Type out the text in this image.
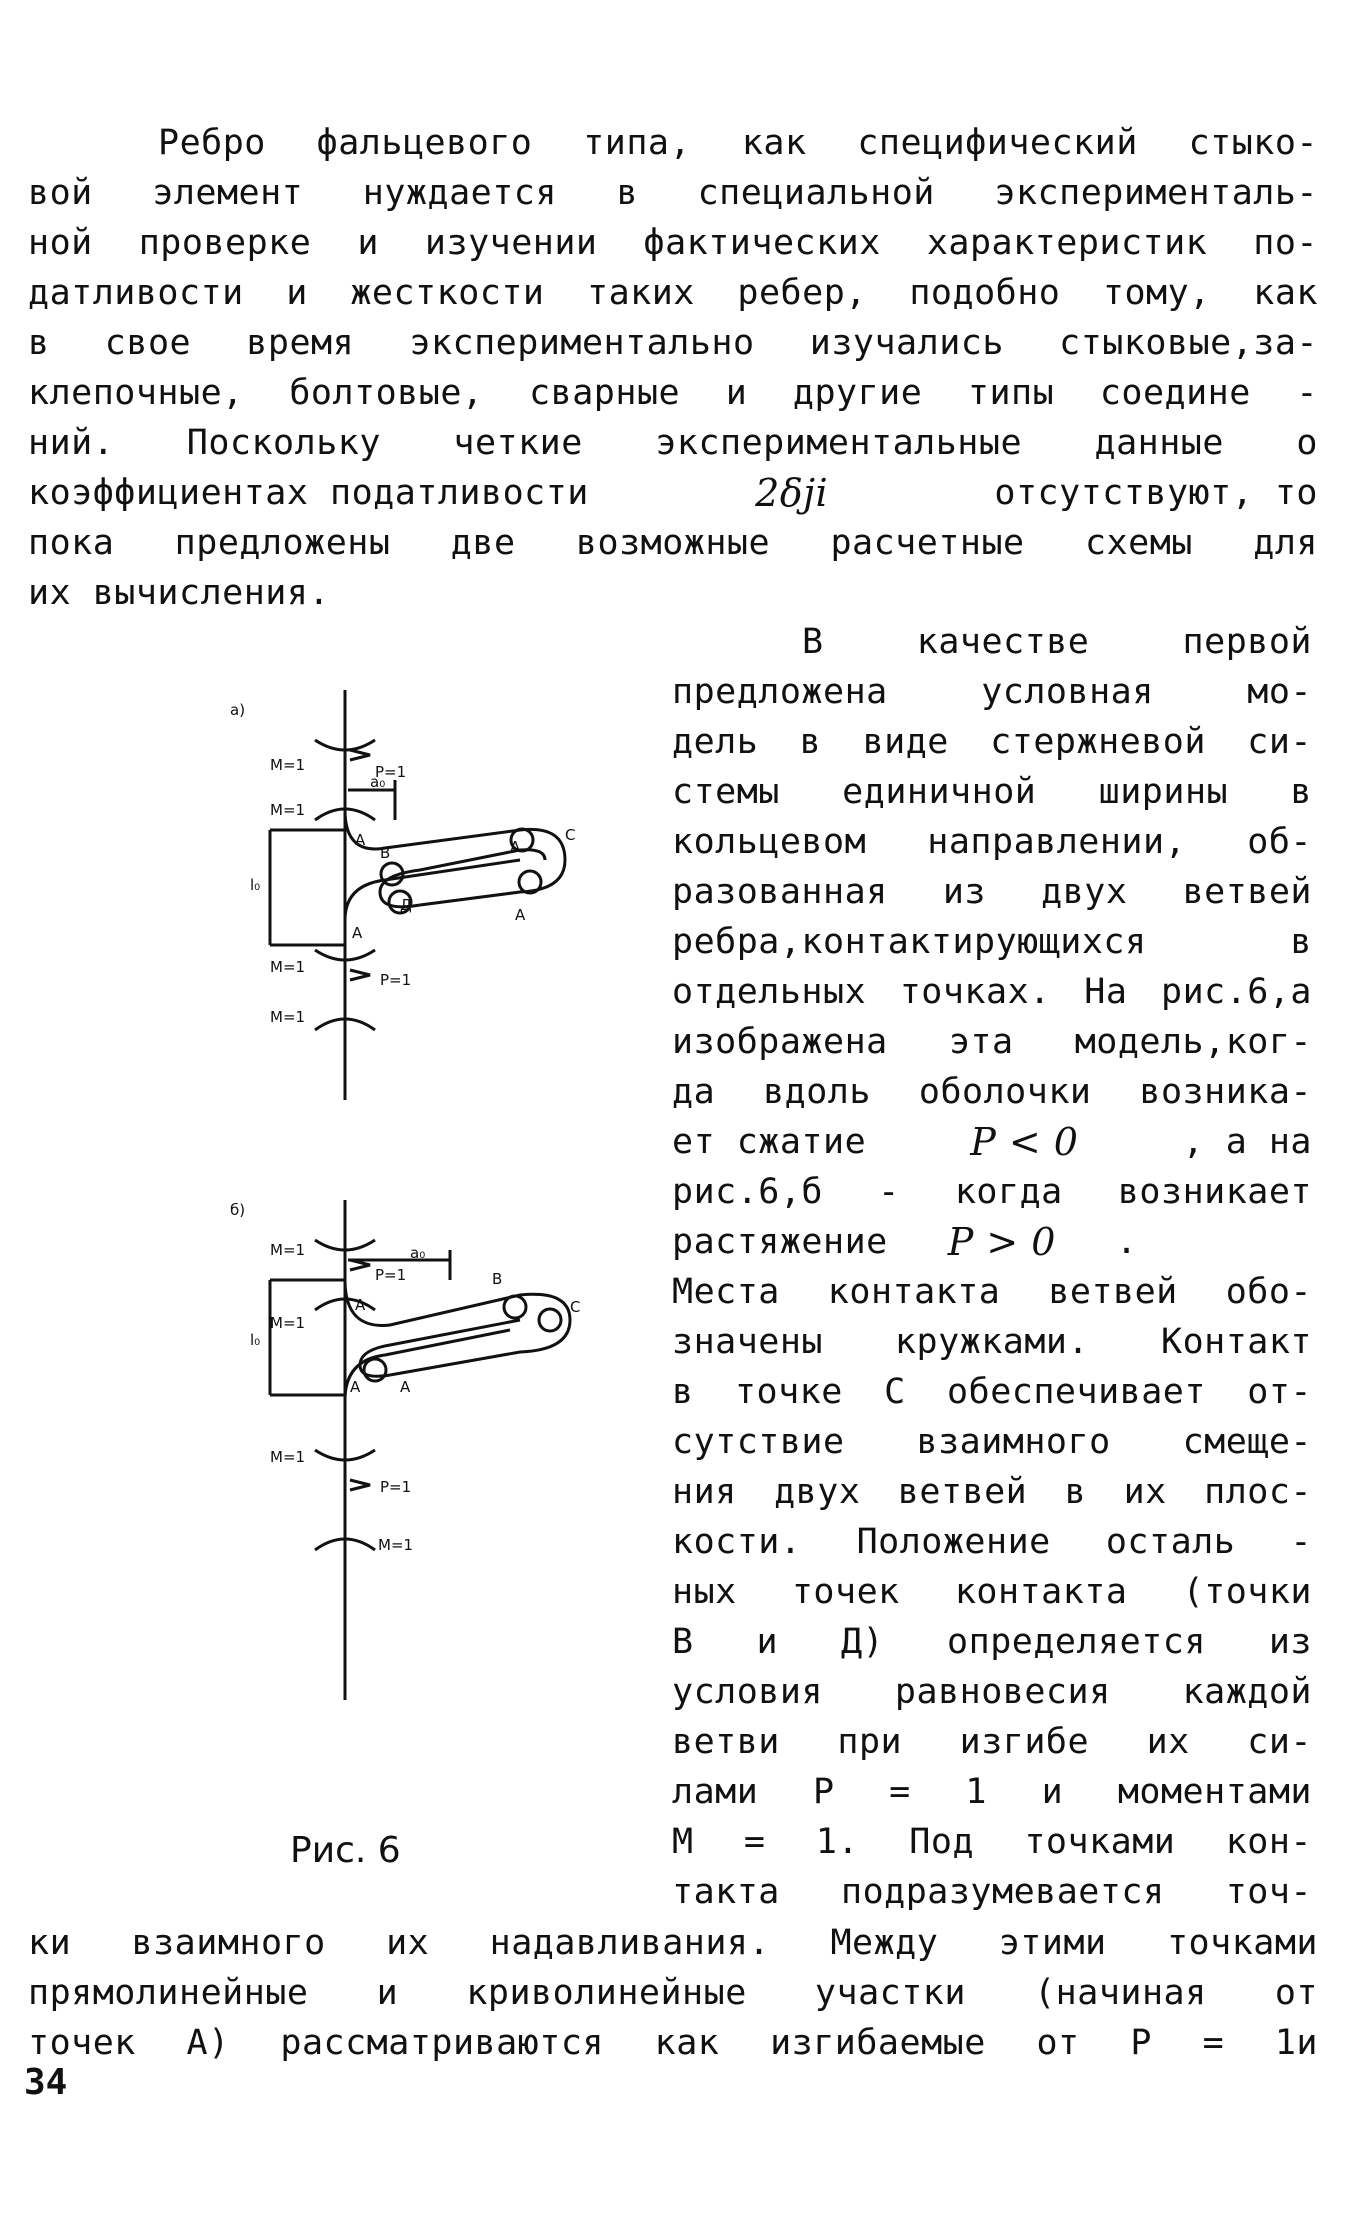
Ребро фальцевого типа, как специфический стыко-
вой элемент нуждается в специальной эксперименталь-
ной проверке и изучении фактических характеристик по-
датливости и жесткости таких ребер, подобно тому, как
в свое время экспериментально изучались стыковые,за-
клепочные, болтовые, сварные и другие типы соедине -
ний. Поскольку четкие экспериментальные данные о
коэффициентах податливости	2δji	отсутствуют, то
пока предложены две возможные расчетные схемы для
их вычисления.
В качестве первой
предложена условная мо-
дель в виде стержневой си-
стемы единичной ширины в
кольцевом направлении, об-
разованная из двух ветвей
ребра,контактирующихся в
отдельных точках. На рис.6,а
изображена эта модель,ког-
да вдоль оболочки возника-
ет сжатие	P < 0	, а на
рис.6,б - когда возникает
растяжение P > 0 .
Места контакта ветвей обо-
значены кружками. Контакт
в точке С обеспечивает от-
сутствие взаимного смеще-
ния двух ветвей в их плос-
кости. Положение осталь -
ных точек контакта (точки
В и Д) определяется из
условия равновесия каждой
ветви при изгибе их си-
лами Р = 1 и моментами
М = 1. Под точками кон-
такта подразумевается точ-
ки взаимного их надавливания. Между этими точками
прямолинейные и криволинейные участки (начиная от
точек А) рассматриваются как изгибаемые от Р = 1и
а)
M=1	P=1
M=1
a₀
l₀
A
B
C
A
Д
A
A
M=1
P=1
M=1
б)
M=1
P=1
a₀
M=1
A
B
C
l₀
A	A
M=1
P=1
M=1
Рис. 6
34
